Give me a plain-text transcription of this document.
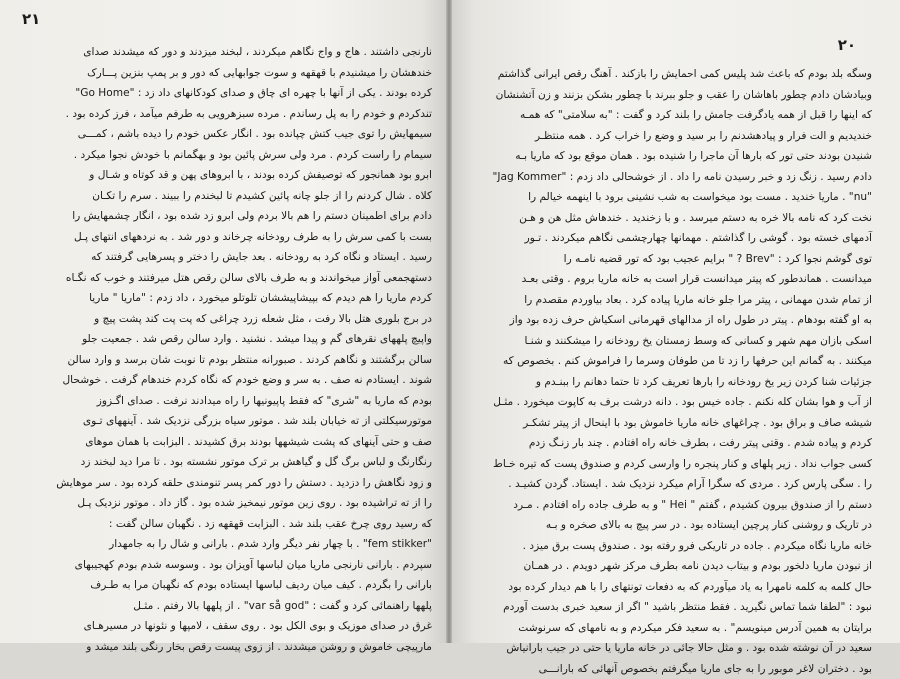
۲۱

نارنجی داشتند . هاج و واج نگاهم میکردند ، لبخند میزدند و دور که میشدند صدای

خندهشان را میشنیدم با قهقهه و سوت جوابهایی که دور و بر پمپ بنزین پـــارک

کرده بودند . یکی از آنها با چهره ای چاق و صدای کودکانهای داد زد : "Go Home"

تندکردم و خودم را به پل رساندم . مرده سبزهرویی به طرفم میآمد ، فرز کرده بود .

سیمهایش را توی جیب کتش چپانده بود . انگار عکس خودم را دیده باشم ، کمـــی

سیمام را راست کردم . مرد ولی سرش پائین بود و بهگمانم با خودش نجوا میکرد .

ابرو بود همانجور که توصیفش کرده بودند ، با ابروهای پهن و قد کوتاه و شـال و

کلاه . شال کردنم را از جلو چانه پائین کشیدم تا لبخندم را ببیند . سرم را تکـان

دادم برای اطمینان دستم را هم بالا بردم ولی ابرو زد شده بود ، انگار چشمهایش را

بست با کمی سرش را به طرف رودخانه چرخاند و دور شد . به نردههای انتهای پـل

رسید . ایستاد و نگاه کرد به رودخانه . بعد جایش را دختر و پسرهایی گرفتند که

دستهجمعی آواز میخواندند و به طرف بالای سالن رقص هتل میرفتند و خوب که نگـاه

کردم ماریا را هم دیدم که بپیشاپیششان تلوتلو میخورد ، داد زدم : "ماریا " ماریا

در برج بلوری هتل بالا رفت ، مثل شعله زرد چراغی که پت پت کند پشت پیچ و

واپیچ پلههای نقرهای گم و پیدا میشد . نشنید . وارد سالن رقص شد . جمعیت جلو

سالن برگشتند و نگاهم کردند . صبورانه منتظر بودم تا نوبت شان برسد و وارد سالن

شوند . ایستادم نه صف . به سر و وضع خودم که نگاه کردم خندهام گرفت . خوشحال

بودم که ماریا به "شری" که فقط پاپیونیها را راه میدادند نرفت . صدای اگـزوز

موتورسیکلتی از ته خیابان بلند شد . موتور سیاه بزرگی نزدیک شد . آینههای تـوی

صف و حتی آینهای که پشت شیشهها بودند برق کشیدند . البزابت با همان موهای

رنگارنگ و لباس برگ گل و گیاهش بر ترک موتور نشسته بود . تا مرا دید لبخند زد

و زود نگاهش را دزدید . دستش را دور کمر پسر تنومندی حلقه کرده بود . سر موهایش

را از ته تراشیده بود . روی زین موتور نیمخیز شده بود . گاز داد . موتور نزدیک پـل

که رسید روی چرخ عقب بلند شد . البزابت قهقهه زد . نگهبان سالن گفت :

"fem stikker" . با چهار نفر دیگر وارد شدم . بارانی و شال را به جامهدار

سپردم . بارانی نارنجی ماریا میان لباسها آویزان بود . وسوسه شدم بودم کهجیبهای

بارانی را بگردم . کیف میان ردیف لباسها ایستاده بودم که نگهبان مرا به طـرف

پلهها راهنمائی کرد و گفت : "var så god" . از پلهها بالا رفتم . مثـل

غرق در صدای موزیک و بوی الکل بود . روی سقف ، لامپها و نئونها در مسیرهـای

مارپیچی خاموش و روشن میشدند . از زوی پیست رقص بخار رنگی بلند میشد و

۲۰

وسگه بلد بودم که باعث شد پلیس کمی احمایش را بازکند . آهنگ رقص ایرانی گذاشتم

وبیادشان دادم چطور باهاشان را عقب و جلو ببرند با چطور بشکن بزنند و زن آتشنشان

که اینها را قبل از همه یادگرفت جامش را بلند کرد و گفت : "به سلامتی" که همـه

خندیدیم و الت فرار و پیادهشدنم را بر سید و وضع را خراب کرد . همه منتظـر

شنیدن بودند حتی تور که بارها آن ماجرا را شنیده بود . همان موقع بود که ماریا بـه

دادم رسید . زنگ زد و خبر رسیدن نامه را داد . از خوشحالی داد زدم : "Jag Kommer"

"nu" . ماریا خندید . مست بود میخواست به شب نشینی برود با اینهمه خیالم را

نخت کرد که نامه بالا خره به دستم میرسد . و با زخندید . خندهاش مثل هن و هـن

آدمهای خسته بود . گوشی را گذاشتم . مهمانها چهارچشمی نگاهم میکردند . تـور

توی گوشم نجوا کرد : "Brev ? " برایم عجیب بود که تور قضیه نامـه را

میدانست . هماندطور که پیتر میدانست قرار است به خانه ماریا بروم . وقتی بعـد

از تمام شدن مهمانی ، پیتر مرا جلو خانه ماریا پیاده کرد . بعاد بیاوردم مقصدم را

به او گفته بودهام . پیتر در طول راه از مدالهای قهرمانی اسکیاش حرف زده بود واز

اسکی بازان مهم شهر و کسانی که وسط زمستان یخ رودخانه را میشکنند و شنـا

میکنند . به گمانم این حرفها را زد تا من طوفان وسرما را فراموش کنم . بخصوص که

جزئیات شنا کردن زیر یخ رودخانه را بارها تعریف کرد تا حتما دهانم را ببنـدم و

از آب و هوا بشان کله نکنم . جاده خیس بود . دانه درشت برف به کاپوت میخورد . مثـل

شیشه صاف و براق بود . چراغهای خانه ماریا خاموش بود با اینحال از پیتر تشکـر

کردم و پیاده شدم . وقتی پیتر رفت ، بطرف خانه راه افتادم . چند بار زنـگ زدم

کسی جواب نداد . زیر پلهای و کنار پنجره را وارسی کردم و صندوق پست که تیره خـاط

را . سگی پارس کرد . مردی که سگرا آرام میکرد نزدیک شد . ایستاد. گردن کشیـد .

دستم را از صندوق بیرون کشیدم ، گفتم " Hei " و به طرف جاده راه افتادم . مـرد

در تاریک و روشنی کنار پرچین ایستاده بود . در سر پیچ به بالای صخره و بـه

خانه ماریا نگاه میکردم . جاده در تاریکی فرو رفته بود . صندوق پست برق میزد .

از نبودن ماریا دلخور بودم و بیتاب دیدن نامه بطرف مرکز شهر دویدم . در همـان

حال کلمه به کلمه نامهرا به یاد میآوردم که به دفعات تونتهای را با هم دیدار کرده بود

نبود : "لطفا شما تماس نگیرید . فقط منتظر باشید " اگر از سعید خبری بدست آوردم

برایتان به همین آدرس مینویسم" . به سعید فکر میکردم و به نامهای که سرنوشت

سعید در آن نوشته شده بود . و مثل حالا جائی در خانه ماریا یا حتی در جیب بارانیاش

بود . دختران لاغر موبور را به جای ماریا میگرفتم بخصوص آنهائی که بارانـــی
